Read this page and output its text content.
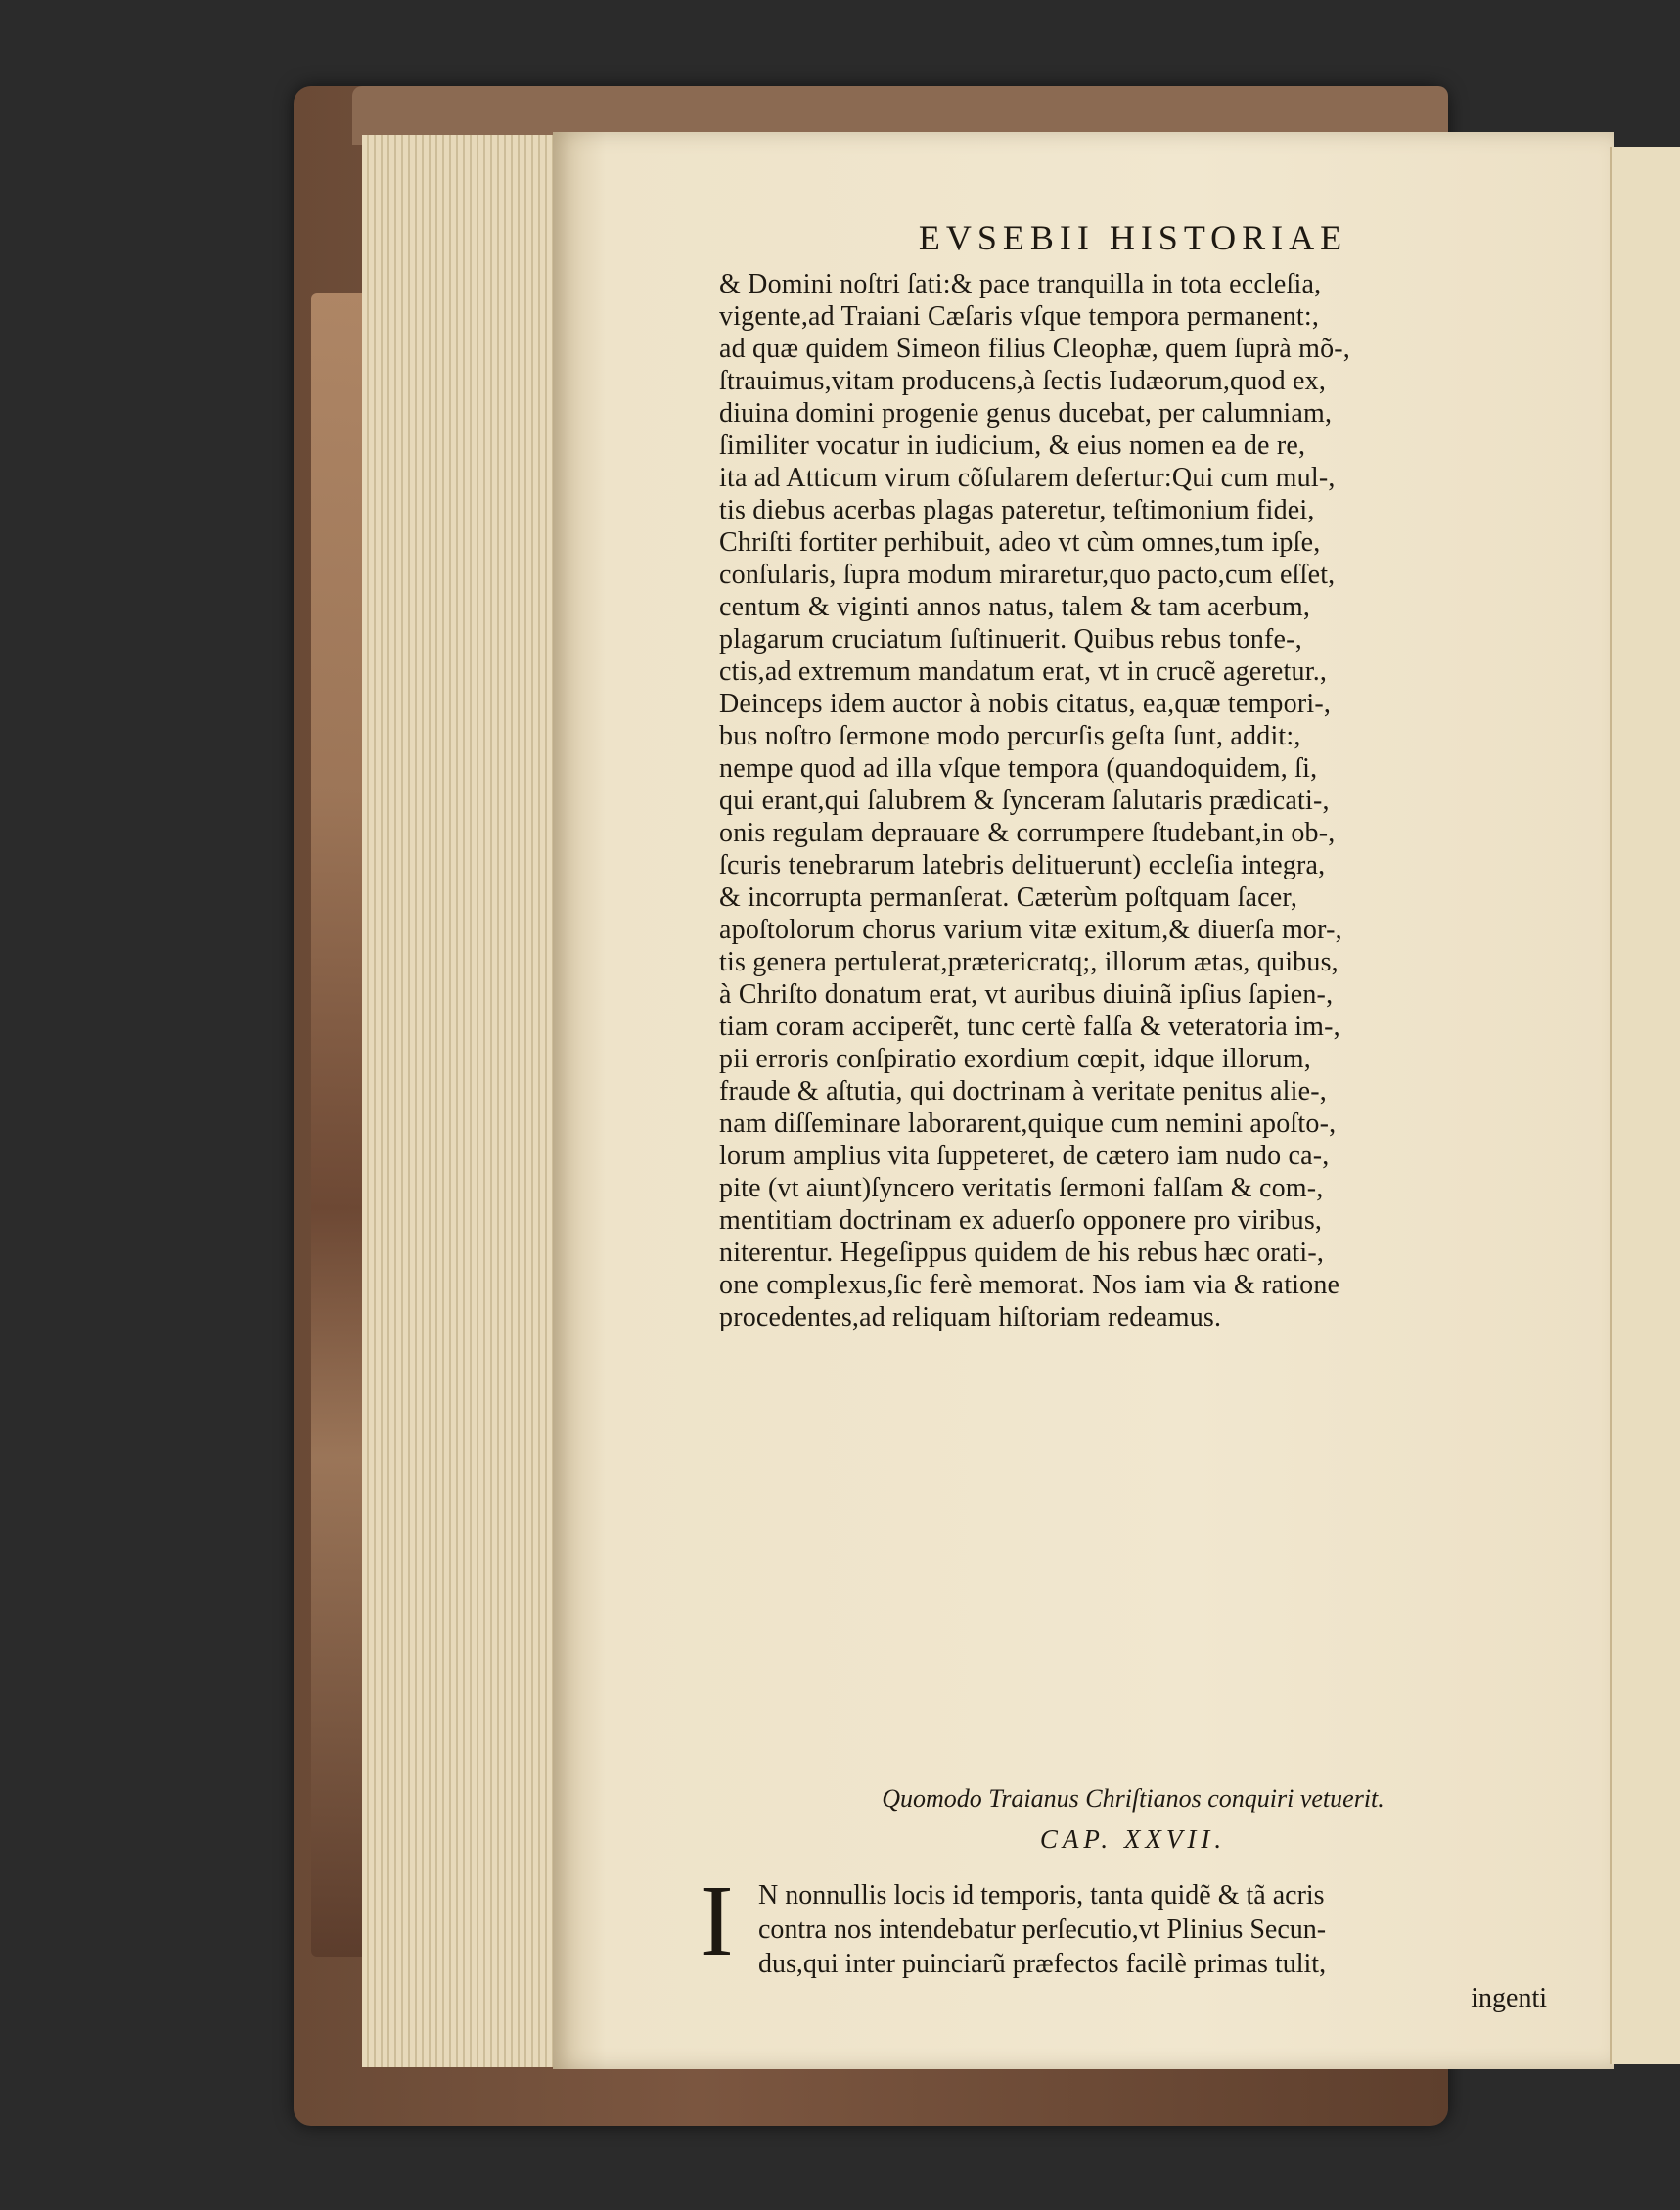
EVSEBII HISTORIAE
& Domini noſtri ſati:& pace tranquilla in tota eccleſia,
vigente,ad Traiani Cæſaris vſque tempora permanent:,
ad quæ quidem Simeon filius Cleophæ, quem ſuprà mõ-,
ſtrauimus,vitam producens,à ſectis Iudæorum,quod ex,
diuina domini progenie genus ducebat, per calumniam,
ſimiliter vocatur in iudicium, & eius nomen ea de re,
ita ad Atticum virum cõſularem defertur:Qui cum mul-,
tis diebus acerbas plagas pateretur, teſtimonium fidei,
Chriſti fortiter perhibuit, adeo vt cùm omnes,tum ipſe,
conſularis, ſupra modum miraretur,quo pacto,cum eſſet,
centum & viginti annos natus, talem & tam acerbum,
plagarum cruciatum ſuſtinuerit. Quibus rebus tonfe-,
ctis,ad extremum mandatum erat, vt in crucẽ ageretur.,
Deinceps idem auctor à nobis citatus, ea,quæ tempori-,
bus noſtro ſermone modo percurſis geſta ſunt, addit:,
nempe quod ad illa vſque tempora (quandoquidem, ſi,
qui erant,qui ſalubrem & ſynceram ſalutaris prædicati-,
onis regulam deprauare & corrumpere ſtudebant,in ob-,
ſcuris tenebrarum latebris delituerunt) eccleſia integra,
& incorrupta permanſerat. Cæterùm poſtquam ſacer,
apoſtolorum chorus varium vitæ exitum,& diuerſa mor-,
tis genera pertulerat,prætericratq;, illorum ætas, quibus,
à Chriſto donatum erat, vt auribus diuinã ipſius ſapien-,
tiam coram acciperẽt, tunc certè falſa & veteratoria im-,
pii erroris conſpiratio exordium cœpit, idque illorum,
fraude & aſtutia, qui doctrinam à veritate penitus alie-,
nam diſſeminare laborarent,quique cum nemini apoſto-,
lorum amplius vita ſuppeteret, de cætero iam nudo ca-,
pite (vt aiunt)ſyncero veritatis ſermoni falſam & com-,
mentitiam doctrinam ex aduerſo opponere pro viribus,
niterentur. Hegeſippus quidem de his rebus hæc orati-,
one complexus,ſic ferè memorat. Nos iam via & ratione
procedentes,ad reliquam hiſtoriam redeamus.
Quomodo Traianus Chriſtianos conquiri vetuerit.
CAP. XXVII.
I N nonnullis locis id temporis, tanta quidẽ & tã acris
contra nos intendebatur perſecutio,vt Plinius Secun-
dus,qui inter puinciarũ præfectos facilè primas tulit,
ingenti
